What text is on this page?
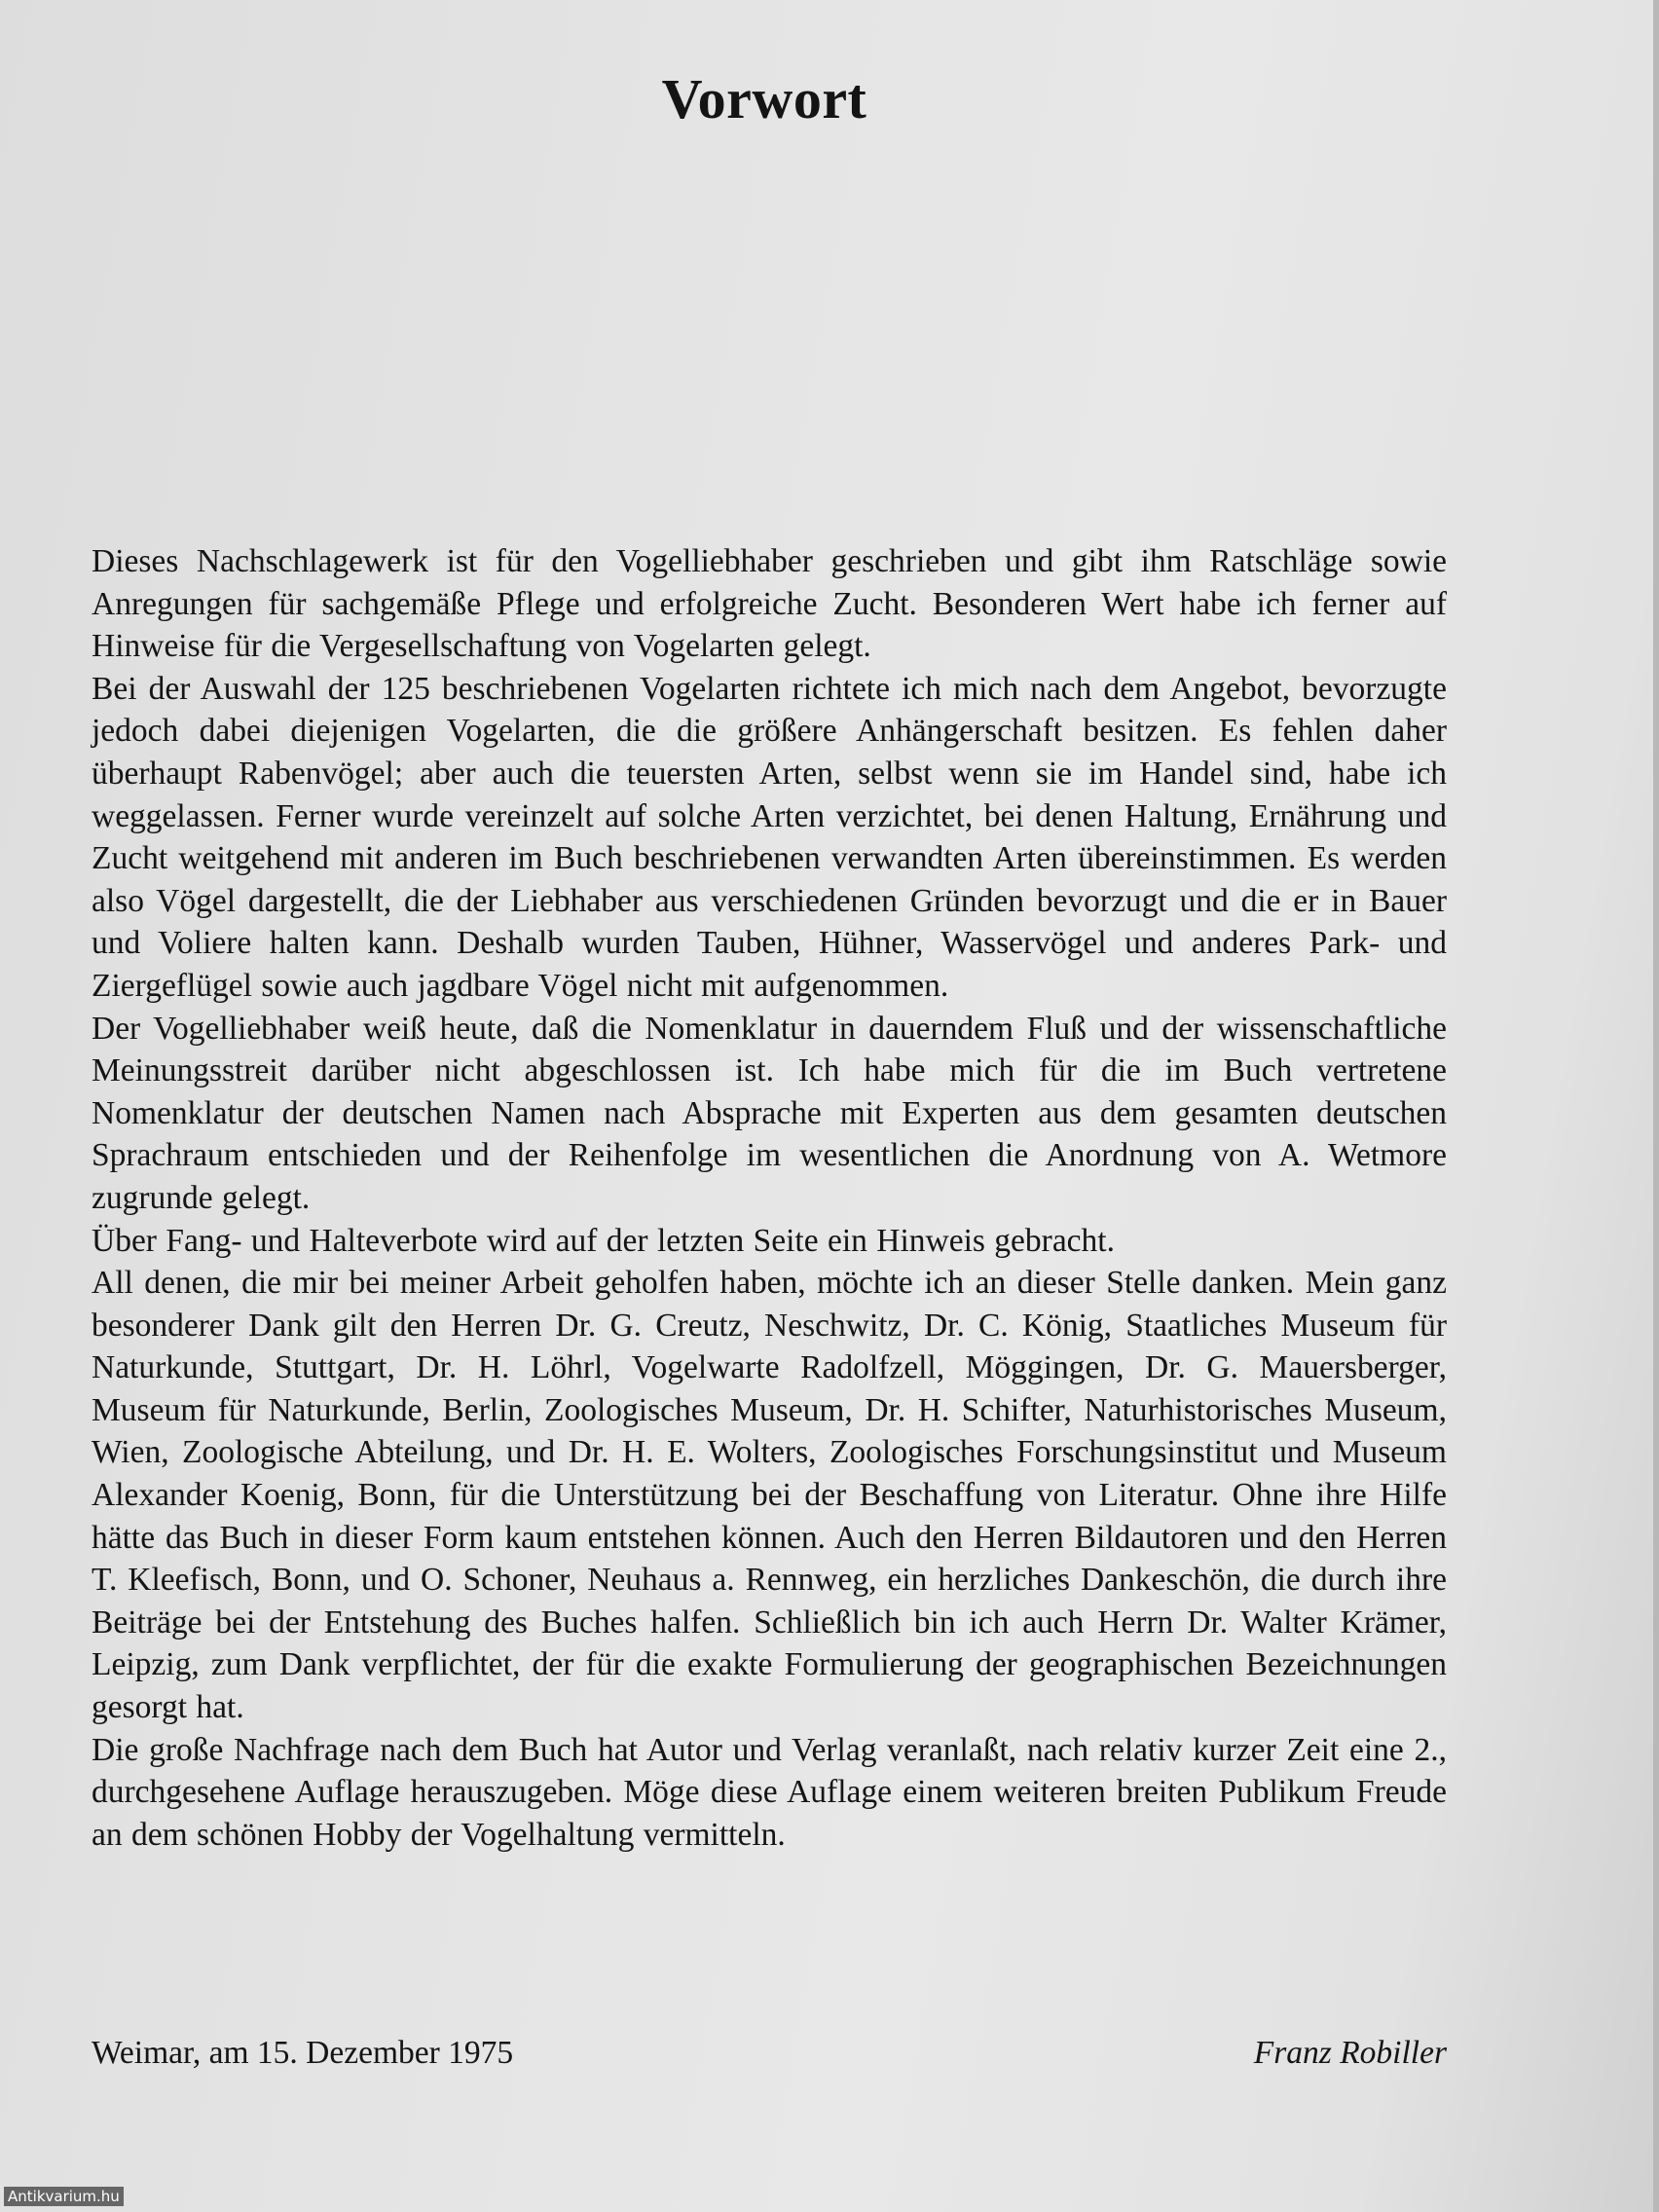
Vorwort

Dieses Nachschlagewerk ist für den Vogelliebhaber geschrieben und gibt ihm Ratschläge sowie Anregungen für sachgemäße Pflege und erfolgreiche Zucht. Besonderen Wert habe ich ferner auf Hinweise für die Vergesellschaftung von Vogelarten gelegt.

Bei der Auswahl der 125 beschriebenen Vogelarten richtete ich mich nach dem Angebot, bevorzugte jedoch dabei diejenigen Vogelarten, die die größere Anhängerschaft besitzen. Es fehlen daher überhaupt Rabenvögel; aber auch die teuersten Arten, selbst wenn sie im Handel sind, habe ich weggelassen. Ferner wurde vereinzelt auf solche Arten verzichtet, bei denen Haltung, Ernährung und Zucht weitgehend mit anderen im Buch beschriebenen verwandten Arten übereinstimmen. Es werden also Vögel dargestellt, die der Liebhaber aus verschiedenen Gründen bevorzugt und die er in Bauer und Voliere halten kann. Deshalb wurden Tauben, Hühner, Wasservögel und anderes Park- und Ziergeflügel sowie auch jagdbare Vögel nicht mit aufgenommen.

Der Vogelliebhaber weiß heute, daß die Nomenklatur in dauerndem Fluß und der wissenschaftliche Meinungsstreit darüber nicht abgeschlossen ist. Ich habe mich für die im Buch vertretene Nomenklatur der deutschen Namen nach Absprache mit Experten aus dem gesamten deutschen Sprachraum entschieden und der Reihenfolge im wesentlichen die Anordnung von A. Wetmore zugrunde gelegt.

Über Fang- und Halteverbote wird auf der letzten Seite ein Hinweis gebracht.

All denen, die mir bei meiner Arbeit geholfen haben, möchte ich an dieser Stelle danken. Mein ganz besonderer Dank gilt den Herren Dr. G. Creutz, Neschwitz, Dr. C. König, Staatliches Museum für Naturkunde, Stuttgart, Dr. H. Löhrl, Vogelwarte Radolfzell, Möggingen, Dr. G. Mauersberger, Museum für Naturkunde, Berlin, Zoologisches Museum, Dr. H. Schifter, Naturhistorisches Museum, Wien, Zoologische Abteilung, und Dr. H. E. Wolters, Zoologisches Forschungsinstitut und Museum Alexander Koenig, Bonn, für die Unterstützung bei der Beschaffung von Literatur. Ohne ihre Hilfe hätte das Buch in dieser Form kaum entstehen können. Auch den Herren Bildautoren und den Herren T. Kleefisch, Bonn, und O. Schoner, Neuhaus a. Rennweg, ein herzliches Dankeschön, die durch ihre Beiträge bei der Entstehung des Buches halfen. Schließlich bin ich auch Herrn Dr. Walter Krämer, Leipzig, zum Dank verpflichtet, der für die exakte Formulierung der geographischen Bezeichnungen gesorgt hat.

Die große Nachfrage nach dem Buch hat Autor und Verlag veranlaßt, nach relativ kurzer Zeit eine 2., durchgesehene Auflage herauszugeben. Möge diese Auflage einem weiteren breiten Publikum Freude an dem schönen Hobby der Vogelhaltung vermitteln.

Weimar, am 15. Dezember 1975	Franz Robiller
Antikvarium.hu
